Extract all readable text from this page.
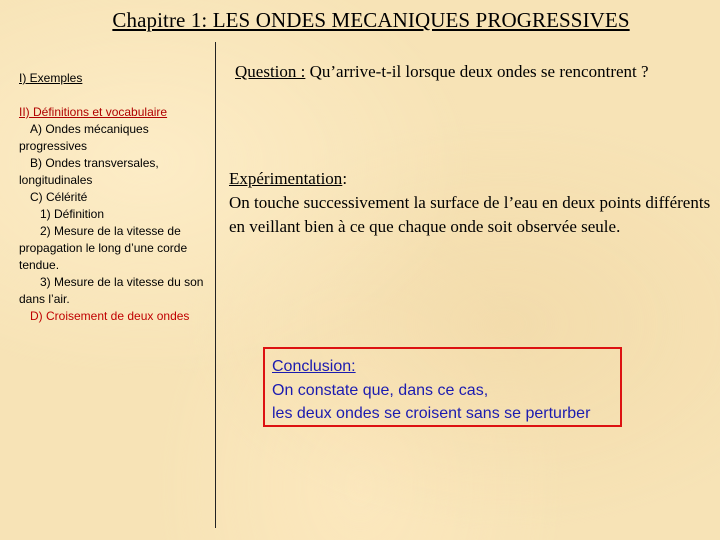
Chapitre 1: LES ONDES MECANIQUES PROGRESSIVES
I) Exemples
II) Définitions et vocabulaire
A) Ondes mécaniques progressives
B) Ondes transversales, longitudinales
C) Célérité
1) Définition
2) Mesure de la vitesse de propagation le long d’une corde tendue.
3) Mesure de la vitesse du son dans l’air.
D) Croisement de deux ondes
Question : Qu’arrive-t-il lorsque deux ondes se rencontrent ?
Expérimentation:
On touche successivement la surface de l’eau en deux points différents en veillant bien à ce que chaque onde soit observée seule.
Conclusion:
On constate que, dans ce cas,
les deux ondes se croisent sans se perturber
